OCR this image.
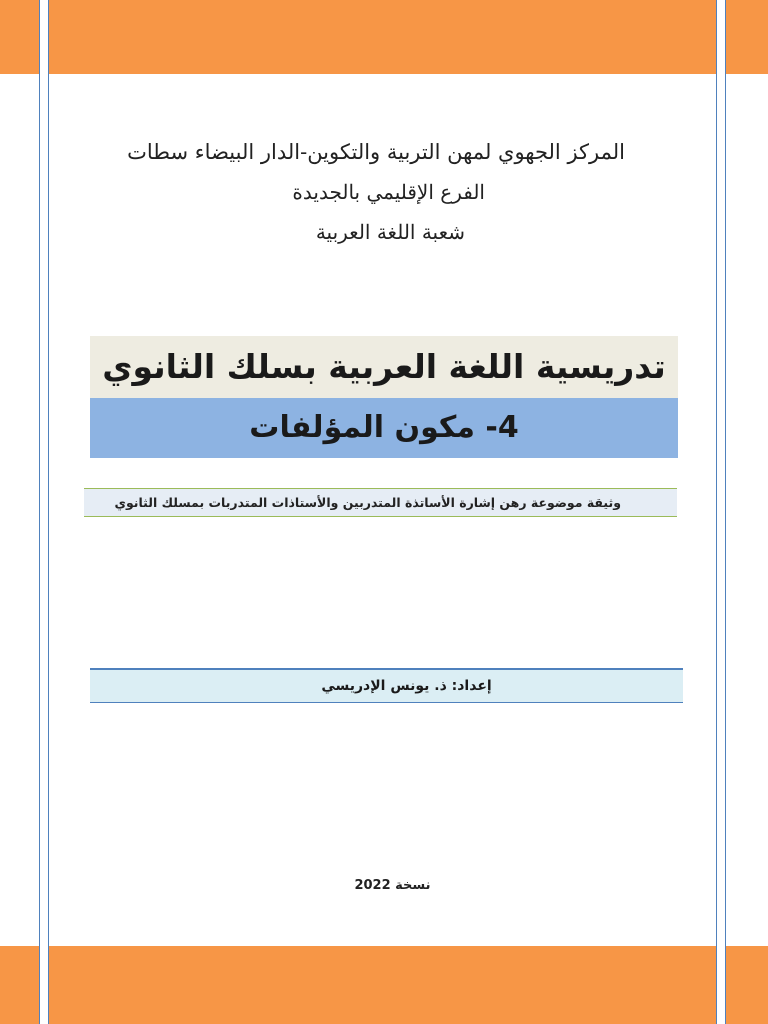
المركز الجهوي لمهن التربية والتكوين-الدار البيضاء سطات
الفرع الإقليمي بالجديدة
شعبة اللغة العربية
تدريسية اللغة العربية بسلك الثانوي
4- مكون المؤلفات
وثيقة موضوعة رهن إشارة الأساتذة المتدربين والأستاذات المتدربات بمسلك الثانوي
إعداد: ذ. يونس الإدريسي
نسخة 2022
